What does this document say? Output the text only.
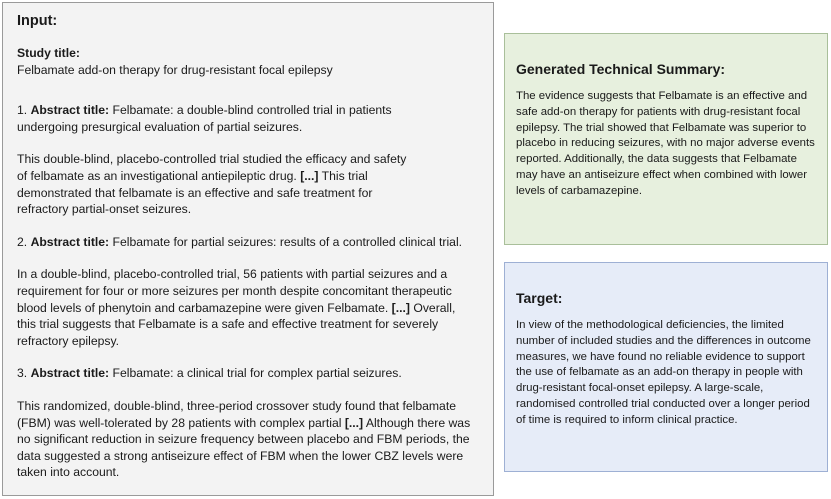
Input:

Study title:
Felbamate add-on therapy for drug-resistant focal epilepsy

1. Abstract title: Felbamate: a double-blind controlled trial in patients undergoing presurgical evaluation of partial seizures.

This double-blind, placebo-controlled trial studied the efficacy and safety of felbamate as an investigational antiepileptic drug. [...] This trial demonstrated that felbamate is an effective and safe treatment for refractory partial-onset seizures.

2. Abstract title: Felbamate for partial seizures: results of a controlled clinical trial.

In a double-blind, placebo-controlled trial, 56 patients with partial seizures and a requirement for four or more seizures per month despite concomitant therapeutic blood levels of phenytoin and carbamazepine were given Felbamate. [...] Overall, this trial suggests that Felbamate is a safe and effective treatment for severely refractory epilepsy.

3. Abstract title: Felbamate: a clinical trial for complex partial seizures.

This randomized, double-blind, three-period crossover study found that felbamate (FBM) was well-tolerated by 28 patients with complex partial [...] Although there was no significant reduction in seizure frequency between placebo and FBM periods, the data suggested a strong antiseizure effect of FBM when the lower CBZ levels were taken into account.

Generated Technical Summary:

The evidence suggests that Felbamate is an effective and safe add-on therapy for patients with drug-resistant focal epilepsy. The trial showed that Felbamate was superior to placebo in reducing seizures, with no major adverse events reported. Additionally, the data suggests that Felbamate may have an antiseizure effect when combined with lower levels of carbamazepine.

Target:

In view of the methodological deficiencies, the limited number of included studies and the differences in outcome measures, we have found no reliable evidence to support the use of felbamate as an add-on therapy in people with drug-resistant focal-onset epilepsy. A large-scale, randomised controlled trial conducted over a longer period of time is required to inform clinical practice.
